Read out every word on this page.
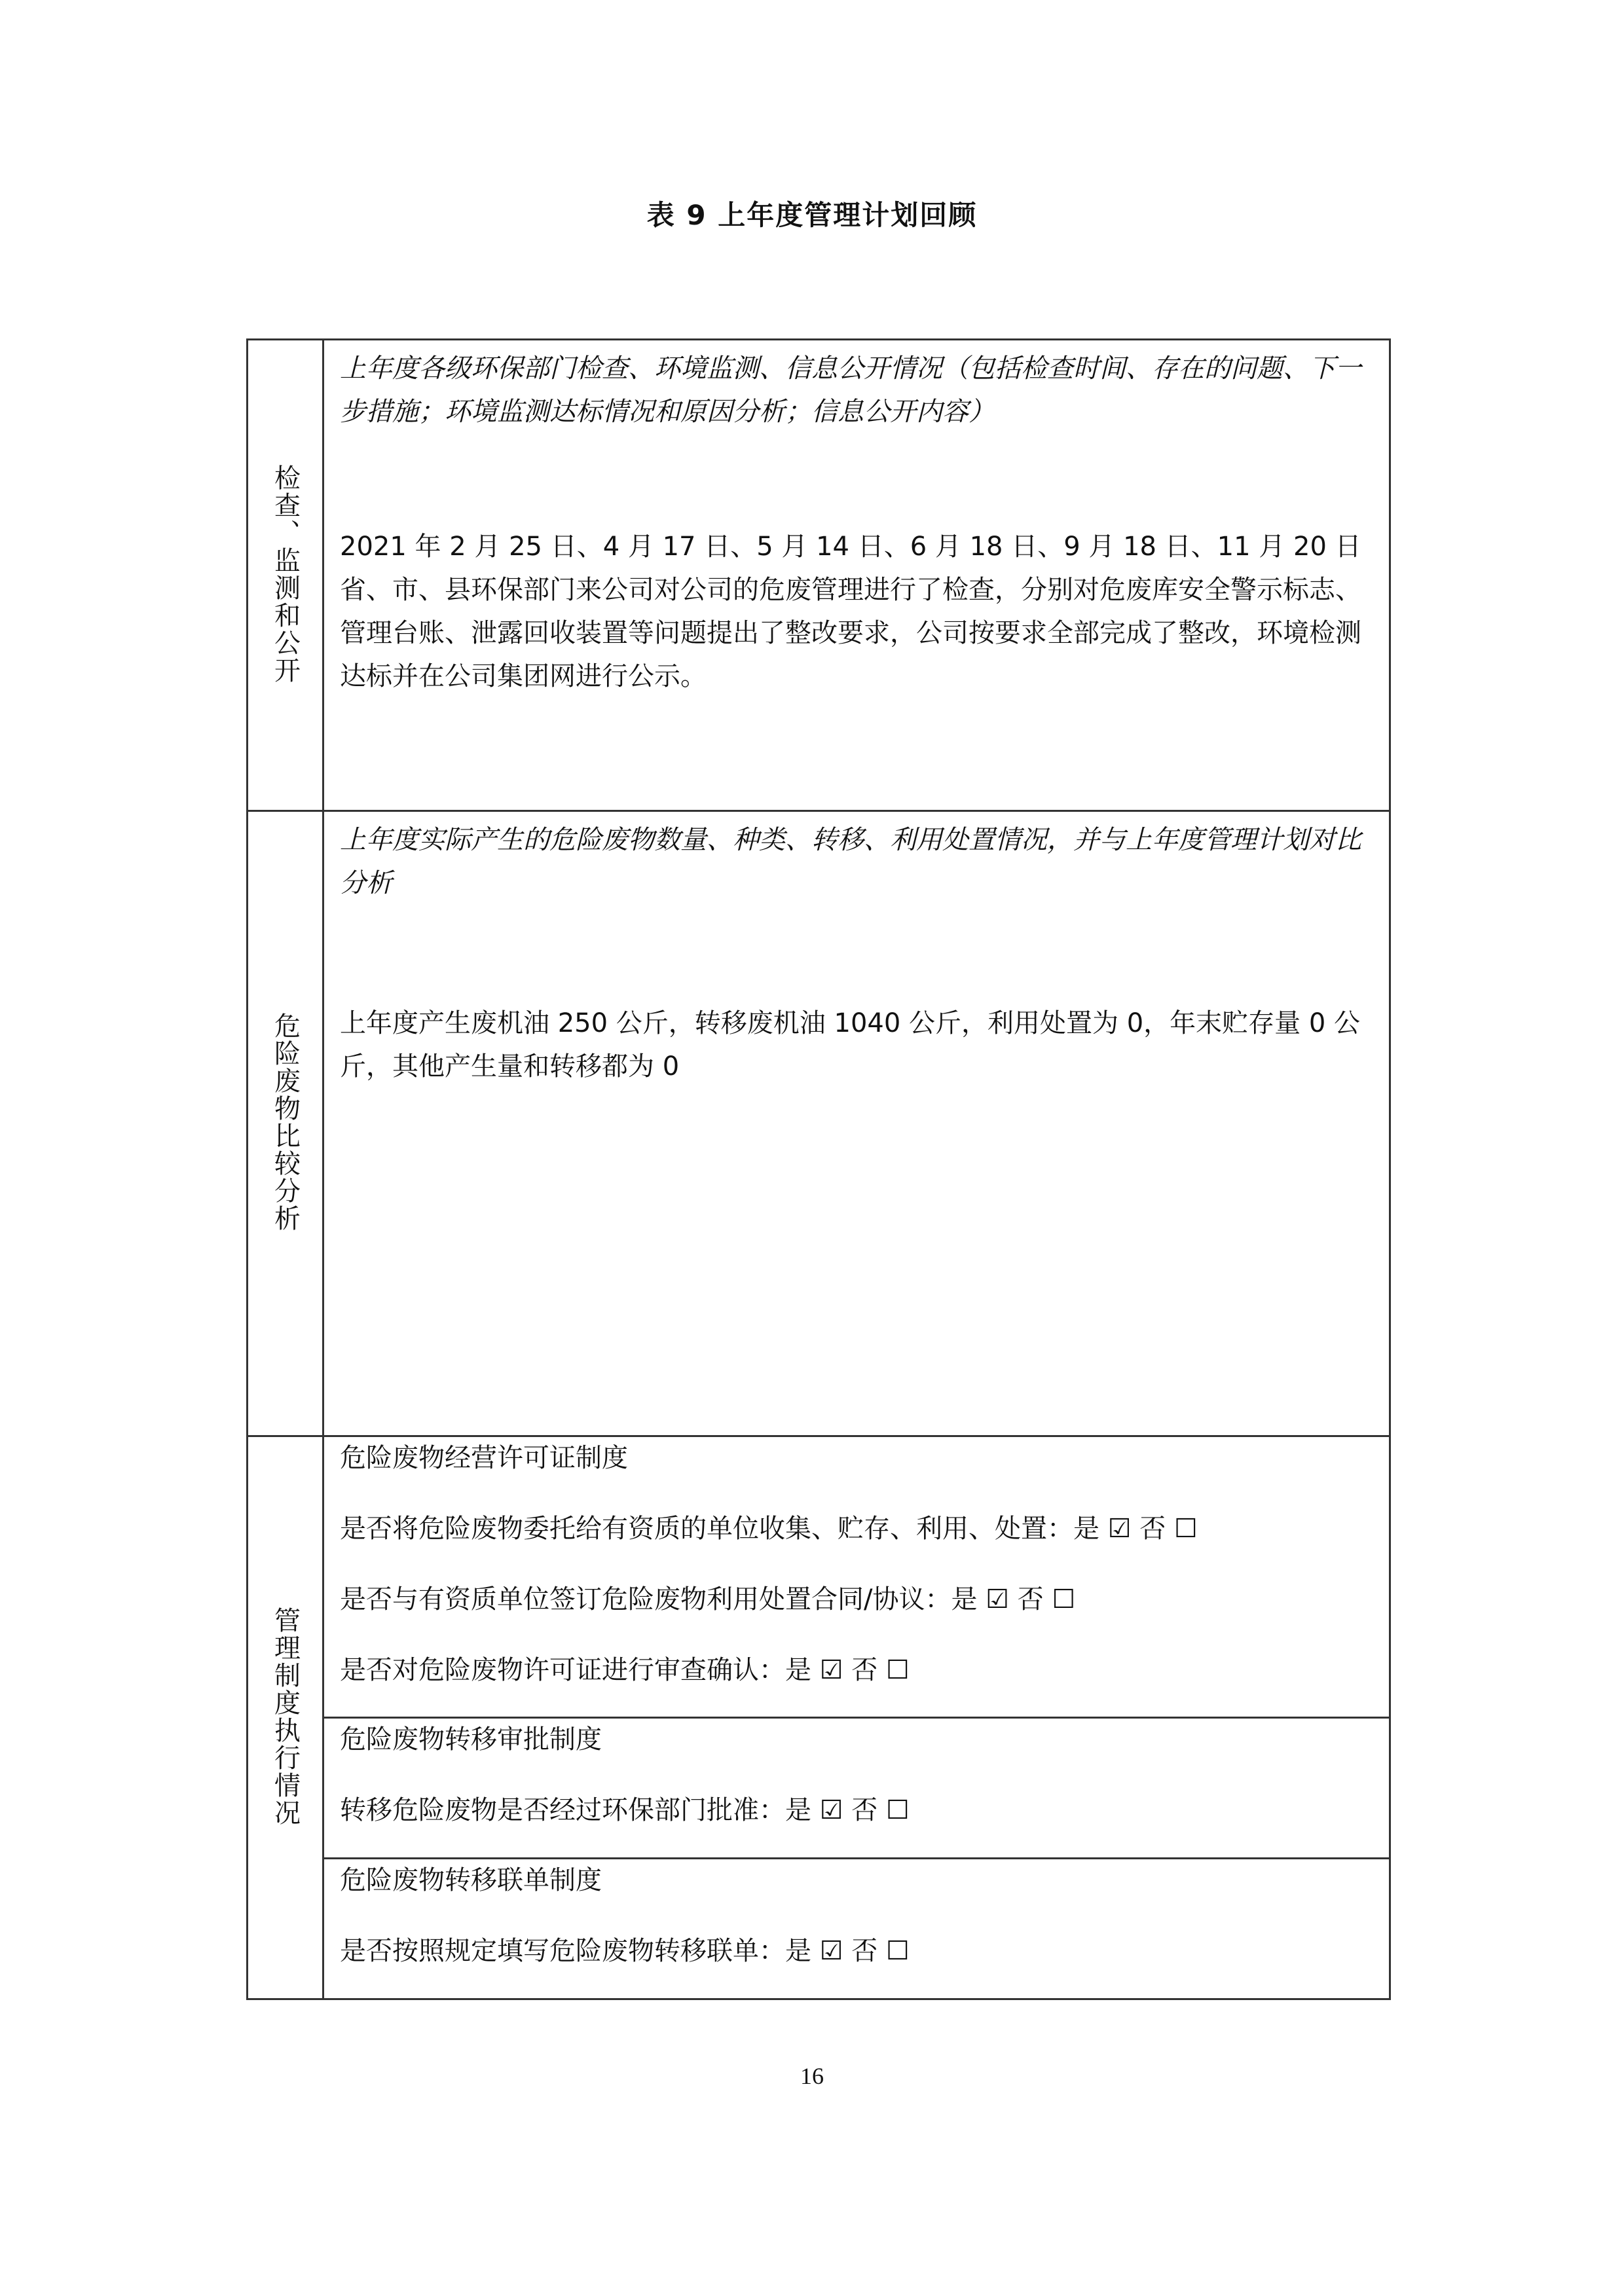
表 9 上年度管理计划回顾
检查、监测和公开	上年度各级环保部门检查、环境监测、信息公开情况（包括检查时间、存在的问题、下一步措施；环境监测达标情况和原因分析；信息公开内容）

2021 年 2 月 25 日、4 月 17 日、5 月 14 日、6 月 18 日、9 月 18 日、11 月 20 日省、市、县环保部门来公司对公司的危废管理进行了检查，分别对危废库安全警示标志、管理台账、泄露回收装置等问题提出了整改要求，公司按要求全部完成了整改，环境检测达标并在公司集团网进行公示。

危险废物比较分析	上年度实际产生的危险废物数量、种类、转移、利用处置情况，并与上年度管理计划对比分析

上年度产生废机油 250 公斤，转移废机油 1040 公斤，利用处置为 0，年末贮存量 0 公斤，其他产生量和转移都为 0

管理制度执行情况	危险废物经营许可证制度

是否将危险废物委托给有资质的单位收集、贮存、利用、处置：是 ☑ 否 ☐

是否与有资质单位签订危险废物利用处置合同/协议：是 ☑ 否 ☐

是否对危险废物许可证进行审查确认：是 ☑ 否 ☐

	危险废物转移审批制度

转移危险废物是否经过环保部门批准：是 ☑ 否 ☐

	危险废物转移联单制度

是否按照规定填写危险废物转移联单：是 ☑ 否 ☐

16
